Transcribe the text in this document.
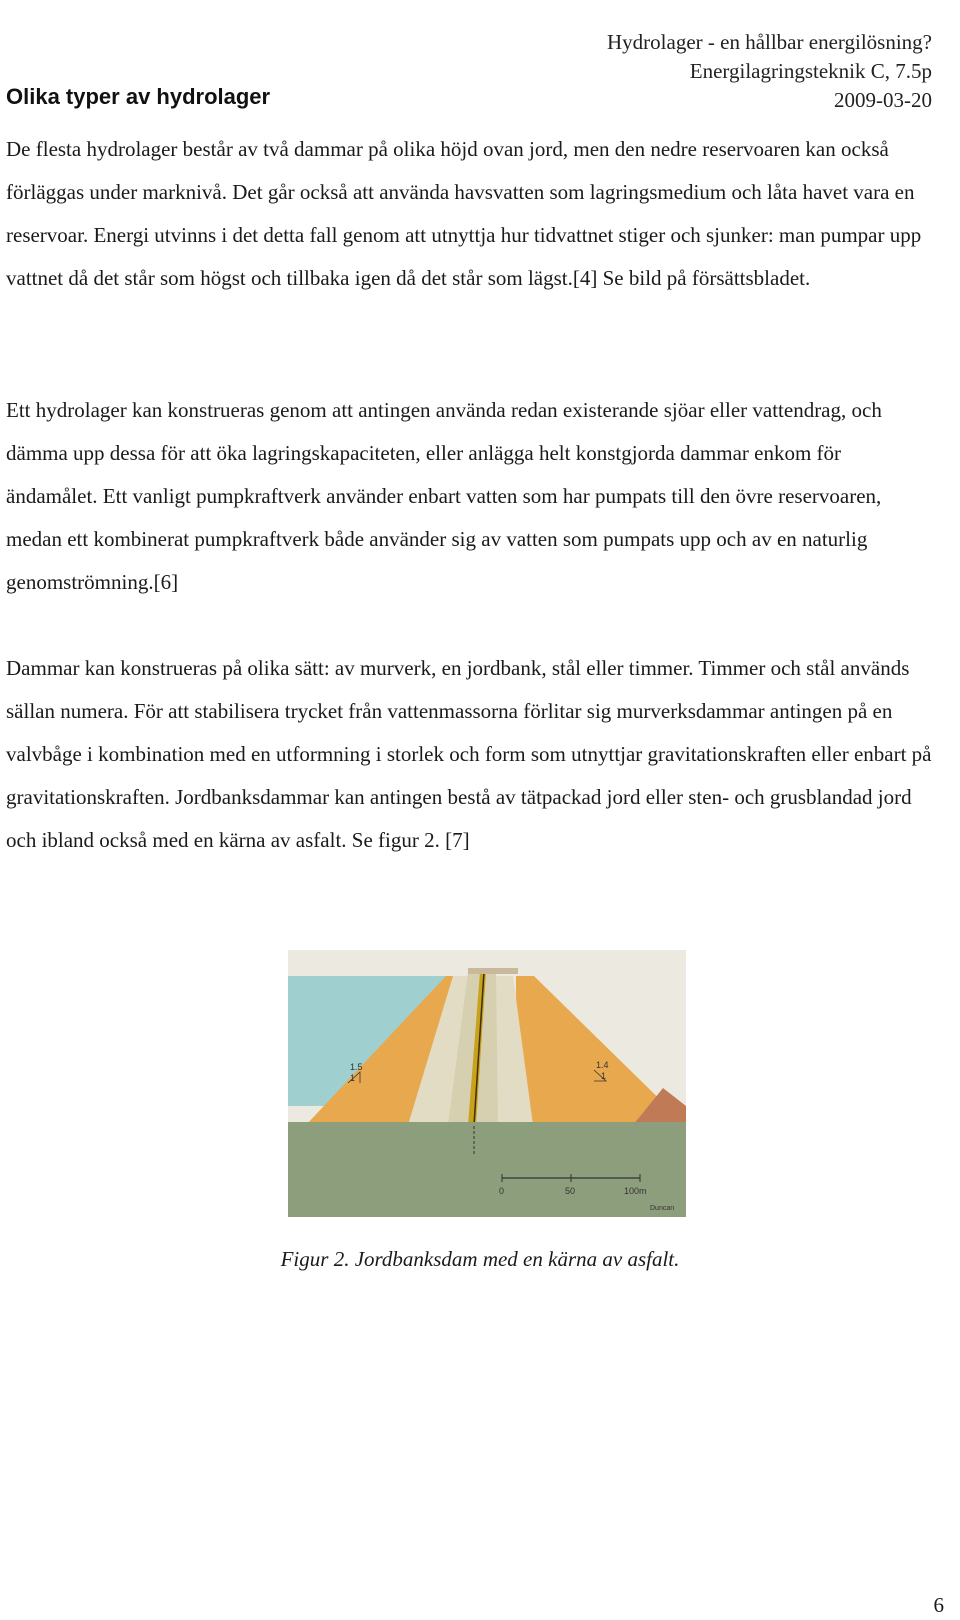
Hydrolager - en hållbar energilösning?
Energilagringsteknik C, 7.5p
2009-03-20
Olika typer av hydrolager

De flesta hydrolager består av två dammar på olika höjd ovan jord, men den nedre reservoaren kan också förläggas under marknivå. Det går också att använda havsvatten som lagringsmedium och låta havet vara en reservoar. Energi utvinns i det detta fall genom att utnyttja hur tidvattnet stiger och sjunker: man pumpar upp vattnet då det står som högst och tillbaka igen då det står som lägst.[4] Se bild på försättsbladet.

Ett hydrolager kan konstrueras genom att antingen använda redan existerande sjöar eller vattendrag, och dämma upp dessa för att öka lagringskapaciteten, eller anlägga helt konstgjorda dammar enkom för ändamålet. Ett vanligt pumpkraftverk använder enbart vatten som har pumpats till den övre reservoaren, medan ett kombinerat pumpkraftverk både använder sig av vatten som pumpats upp och av en naturlig genomströmning.[6]

Dammar kan konstrueras på olika sätt: av murverk, en jordbank, stål eller timmer. Timmer och stål används sällan numera. För att stabilisera trycket från vattenmassorna förlitar sig murverksdammar antingen på en valvbåge i kombination med en utformning i storlek och form som utnyttjar gravitationskraften eller enbart på gravitationskraften. Jordbanksdammar kan antingen bestå av tätpackad jord eller sten- och grusblandad jord och ibland också med en kärna av asfalt. Se figur 2. [7]

1.5
1
1.4
1
0	50	100m
Duncan
Figur 2. Jordbanksdam med en kärna av asfalt.
6
